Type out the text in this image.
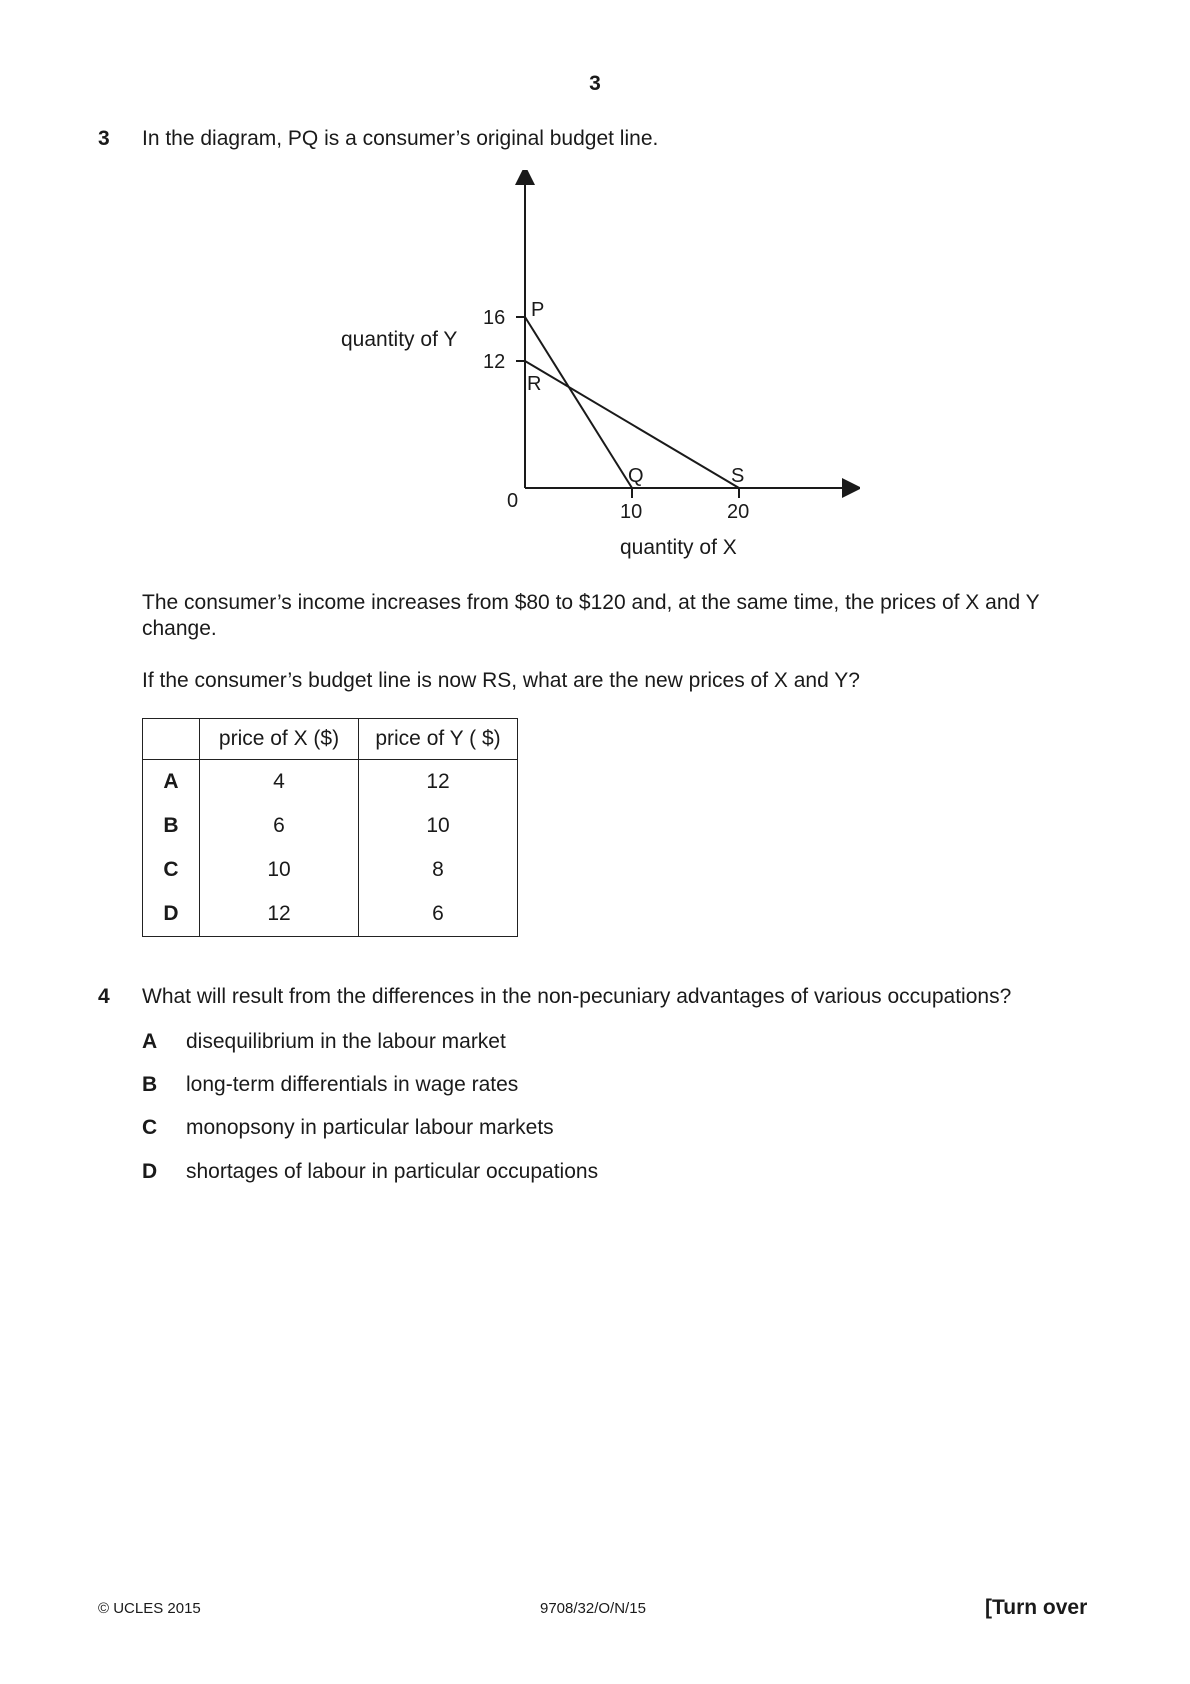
3
3 In the diagram, PQ is a consumer’s original budget line.
quantity of Y
quantity of X
0
16
12
10	20
P
R
Q	S
The consumer’s income increases from $80 to $120 and, at the same time, the prices of X and Y change.
If the consumer’s budget line is now RS, what are the new prices of X and Y?
	price of X ($)	price of Y ( $)
A	4	12
B	6	10
C	10	8
D	12	6
4 What will result from the differences in the non-pecuniary advantages of various occupations?
A disequilibrium in the labour market
B long-term differentials in wage rates
C monopsony in particular labour markets
D shortages of labour in particular occupations
© UCLES 2015	9708/32/O/N/15	[Turn over
